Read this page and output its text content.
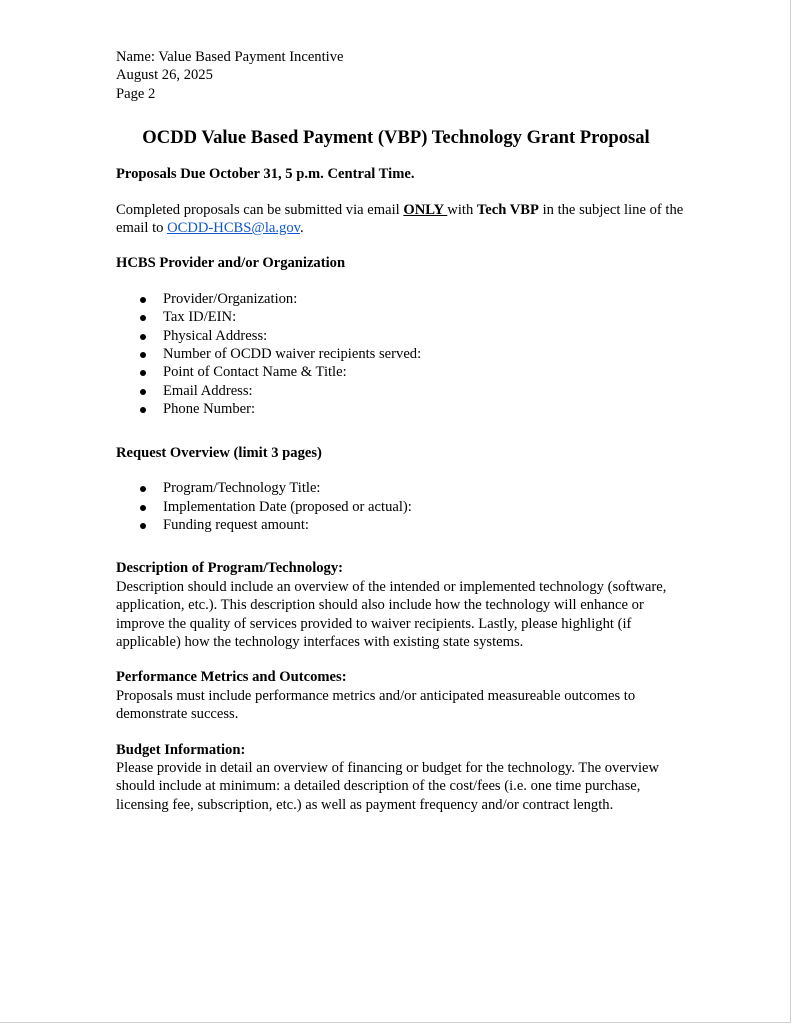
Name: Value Based Payment Incentive
August 26, 2025
Page 2
OCDD Value Based Payment (VBP) Technology Grant Proposal
Proposals Due October 31, 5 p.m. Central Time.
Completed proposals can be submitted via email ONLY with Tech VBP in the subject line of the email to OCDD-HCBS@la.gov.
HCBS Provider and/or Organization
Provider/Organization:
Tax ID/EIN:
Physical Address:
Number of OCDD waiver recipients served:
Point of Contact Name & Title:
Email Address:
Phone Number:
Request Overview (limit 3 pages)
Program/Technology Title:
Implementation Date (proposed or actual):
Funding request amount:
Description of Program/Technology:
Description should include an overview of the intended or implemented technology (software, application, etc.). This description should also include how the technology will enhance or improve the quality of services provided to waiver recipients. Lastly, please highlight (if applicable) how the technology interfaces with existing state systems.
Performance Metrics and Outcomes:
Proposals must include performance metrics and/or anticipated measureable outcomes to demonstrate success.
Budget Information:
Please provide in detail an overview of financing or budget for the technology. The overview should include at minimum: a detailed description of the cost/fees (i.e. one time purchase, licensing fee, subscription, etc.) as well as payment frequency and/or contract length.
